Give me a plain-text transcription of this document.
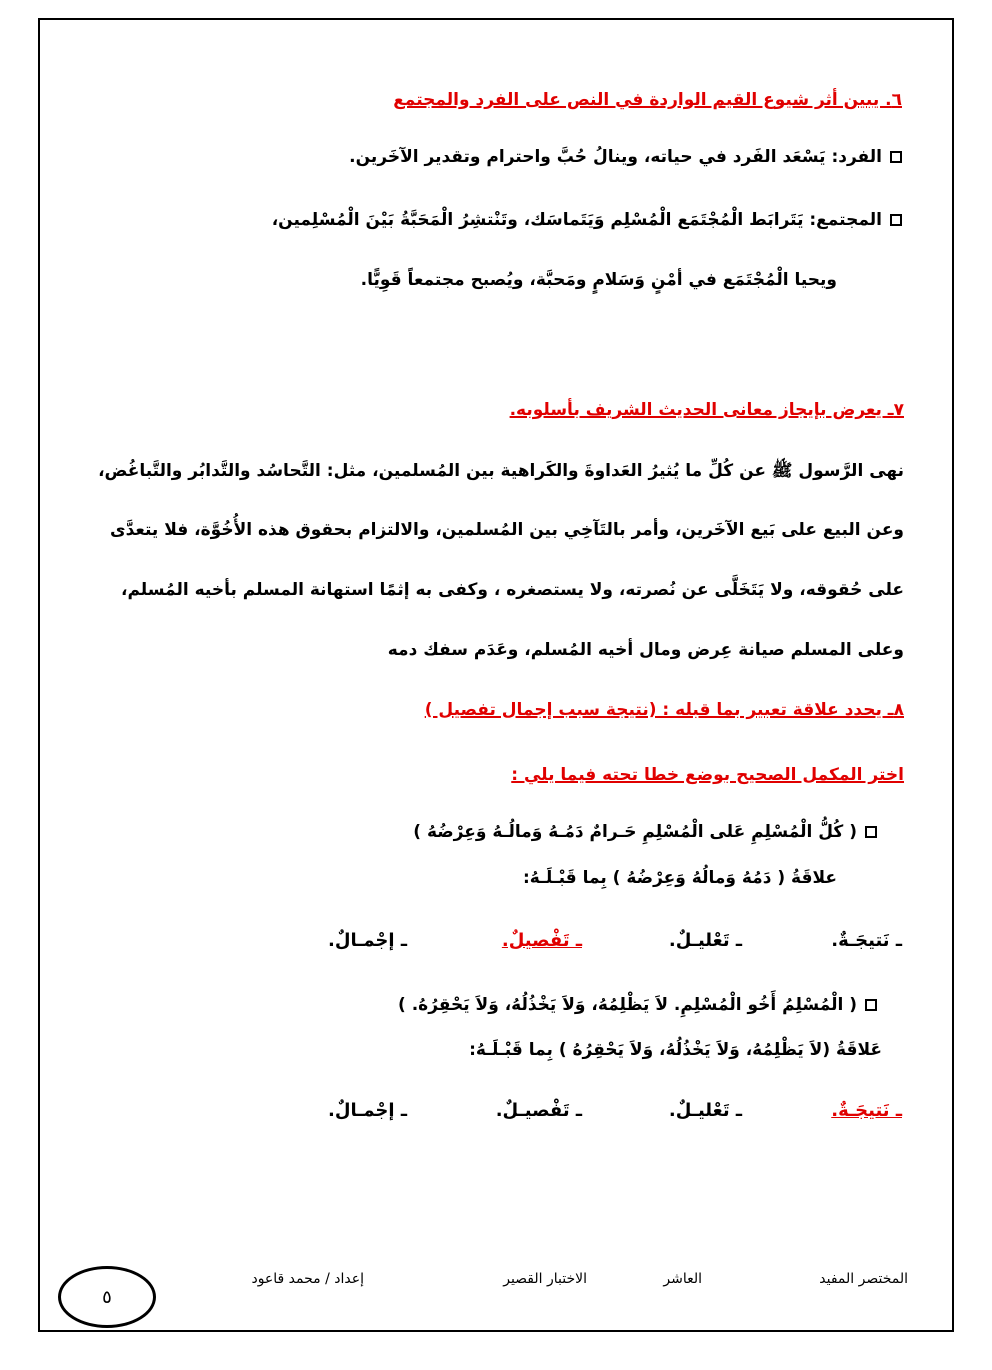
٦. يبين أثر شيوع القيم الواردة في النص على الفرد والمجتمع
الفرد: يَسْعَد الفَرد في حياته، وينالُ حُبَّ واحترام وتقدير الآخَرين.
المجتمع: يَتَرابَط الْمُجْتَمَع الْمُسْلِم وَيَتَماسَك، وتَنْتشِرُ الْمَحَبَّةُ بَيْنَ الْمُسْلِمين،
ويحيا الْمُجْتَمَع في أمْنٍ وَسَلامٍ ومَحبَّة، ويُصبح مجتمعاً قَوِيًّا.
٧ـ يعرض بإيجاز معانى الحديث الشريف بأسلوبه.
نهى الرَّسول ﷺ عن كُلِّ ما يُثيرُ العَداوةَ والكَراهية بين المُسلمين، مثل: التَّحاسُد والتَّدابُر والتَّباغُض،
وعن البيع على بَيع الآخَرين، وأمر بالتَآخِي بين المُسلمين، والالتزام بحقوق هذه الأُخُوَّة، فلا يتعدَّى
على حُقوقه، ولا يَتَخَلَّى عن نُصرته، ولا يستصغره ، وكفى به إثمًا استهانة المسلم بأخيه المُسلم،
وعلى المسلم صيانة عِرض ومال أخيه المُسلم، وعَدَم سفك دمه
٨ـ يحدد علاقة تعبير بما قبله : (نتيجة سبب إجمال تفصيل )
اختر المكمل الصحيح بوضع خطا تحته فيما يلي :
( كُلُّ الْمُسْلِمِ عَلى الْمُسْلِمِ حَـرامٌ دَمُـهُ وَمالُـهُ وَعِرْضُهُ )
علاقَةُ ( دَمُهُ وَمالُهُ وَعِرْضُهُ ) بِما قَبْـلَـهُ:
ـ نَتيجَـةٌ.
ـ تَعْليـلٌ.
ـ تَفْصيلٌ.
ـ إجْمـالٌ.
( الْمُسْلِمُ أَخُو الْمُسْلِمِ. لاَ يَظْلِمُهُ، وَلاَ يَخْذُلُهُ، وَلاَ يَحْقِرُهُ. )
عَلاقَةُ (لاَ يَظْلِمُهُ، وَلاَ يَخْذُلُهُ، وَلاَ يَحْقِرُهُ ) بِما قَبْـلَـهُ:
ـ نَتيجَـةٌ.
ـ تَعْليـلٌ.
ـ تَفْصيـلٌ.
ـ إجْمـالٌ.
المختصر المفيد
العاشر
الاختبار القصير
إعداد / محمد قاعود
٥
